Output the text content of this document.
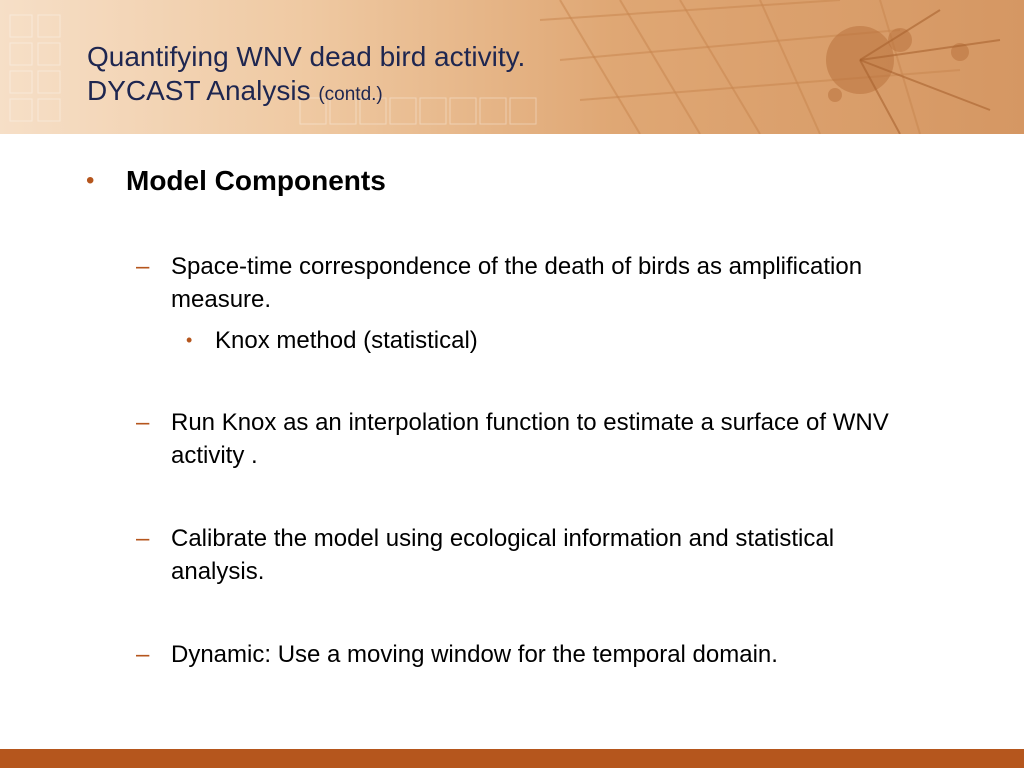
Quantifying WNV dead bird activity.
DYCAST Analysis (contd.)
• Model Components
– Space-time correspondence of the death of birds as amplification measure.
• Knox method (statistical)
– Run Knox as an interpolation function to estimate a surface of WNV activity .
– Calibrate the model using ecological information and statistical analysis.
– Dynamic: Use a moving window for the temporal domain.
